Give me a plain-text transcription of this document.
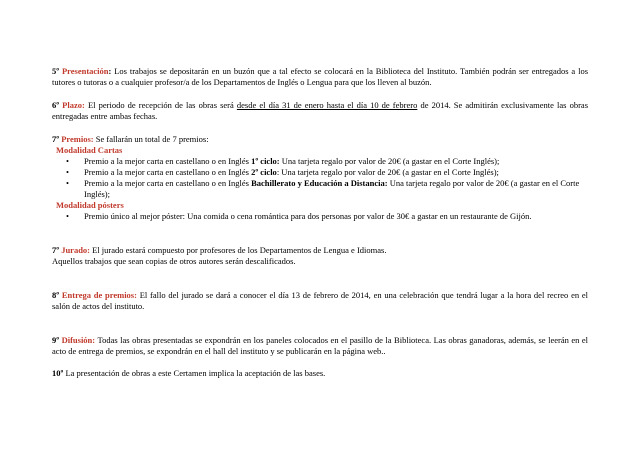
5º Presentación: Los trabajos se depositarán en un buzón que a tal efecto se colocará en la Biblioteca del Instituto. También podrán ser entregados a los tutores o tutoras o a cualquier profesor/a de los Departamentos de Inglés o Lengua para que los lleven al buzón.

6º Plazo: El periodo de recepción de las obras será desde el día 31 de enero hasta el día 10 de febrero de 2014. Se admitirán exclusivamente las obras entregadas entre ambas fechas.

7º Premios: Se fallarán un total de 7 premios:

Modalidad Cartas
• Premio a la mejor carta en castellano o en Inglés 1º ciclo: Una tarjeta regalo por valor de 20€ (a gastar en el Corte Inglés);
• Premio a la mejor carta en castellano o en Inglés 2º ciclo: Una tarjeta regalo por valor de 20€ (a gastar en el Corte Inglés);
• Premio a la mejor carta en castellano o en Inglés Bachillerato y Educación a Distancia: Una tarjeta regalo por valor de 20€ (a gastar en el Corte Inglés);
Modalidad pósters
• Premio único al mejor póster: Una comida o cena romántica para dos personas por valor de 30€ a gastar en un restaurante de Gijón.

7º Jurado: El jurado estará compuesto por profesores de los Departamentos de Lengua e Idiomas.

Aquellos trabajos que sean copias de otros autores serán descalificados.

8º Entrega de premios: El fallo del jurado se dará a conocer el día 13 de febrero de 2014, en una celebración que tendrá lugar a la hora del recreo en el salón de actos del instituto.

9º Difusión: Todas las obras presentadas se expondrán en los paneles colocados en el pasillo de la Biblioteca. Las obras ganadoras, además, se leerán en el acto de entrega de premios, se expondrán en el hall del instituto y se publicarán en la página web..

10º La presentación de obras a este Certamen implica la aceptación de las bases.
